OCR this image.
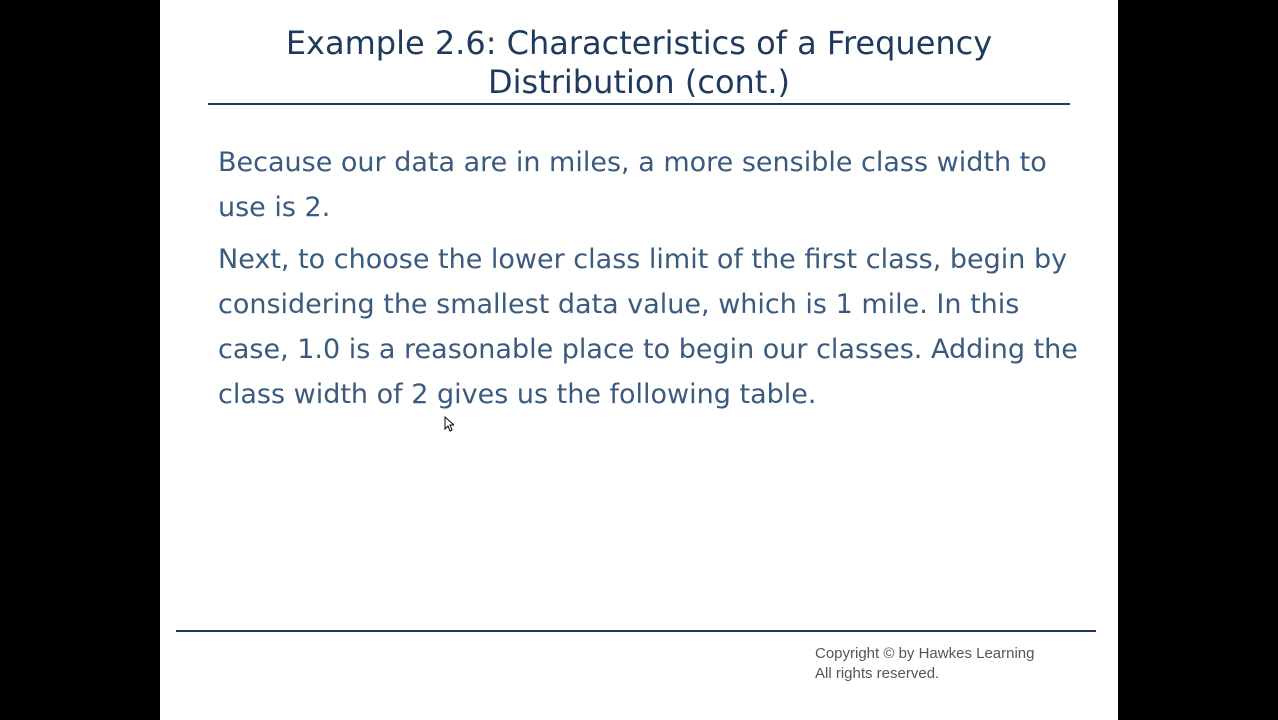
Example 2.6: Characteristics of a Frequency
Distribution (cont.)

Because our data are in miles, a more sensible class width to use is 2.

Next, to choose the lower class limit of the first class, begin by considering the smallest data value, which is 1 mile. In this case, 1.0 is a reasonable place to begin our classes. Adding the class width of 2 gives us the following table.

Copyright © by Hawkes Learning
All rights reserved.
